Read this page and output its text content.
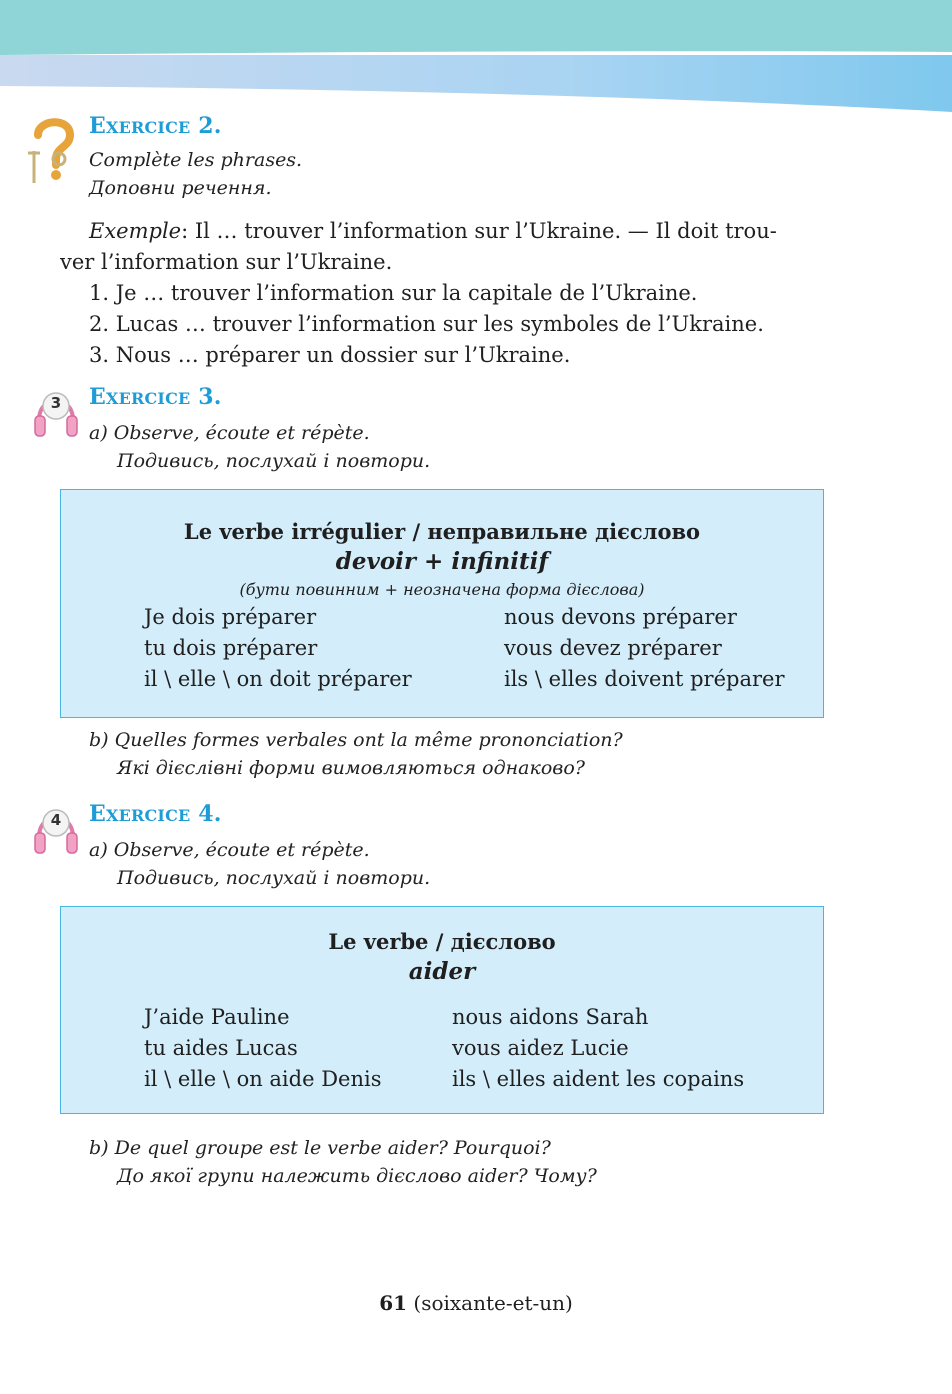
EXERCICE 2.
Complète les phrases.
Доповни речення.
Exemple: Il … trouver l’information sur l’Ukraine. — Il doit trou-
ver l’information sur l’Ukraine.
1. Je … trouver l’information sur la capitale de l’Ukraine.
2. Lucas … trouver l’information sur les symboles de l’Ukraine.
3. Nous … préparer un dossier sur l’Ukraine.
3	EXERCICE 3.
a) Observe, écoute et répète.
Подивись, послухай і повтори.
Le verbe irrégulier / неправильне дієслово
devoir + infinitif
(бути повинним + неозначена форма дієслова)
Je dois préparer
tu dois préparer
il \ elle \ on doit préparer
nous devons préparer
vous devez préparer
ils \ elles doivent préparer
b) Quelles formes verbales ont la même prononciation?
Які дієслівні форми вимовляються однаково?
4	EXERCICE 4.
a) Observe, écoute et répète.
Подивись, послухай і повтори.
Le verbe / дієслово
aider
J’aide Pauline
tu aides Lucas
il \ elle \ on aide Denis
nous aidons Sarah
vous aidez Lucie
ils \ elles aident les copains
b) De quel groupe est le verbe aider? Pourquoi?
До якої групи належить дієслово aider? Чому?
61 (soixante-et-un)
